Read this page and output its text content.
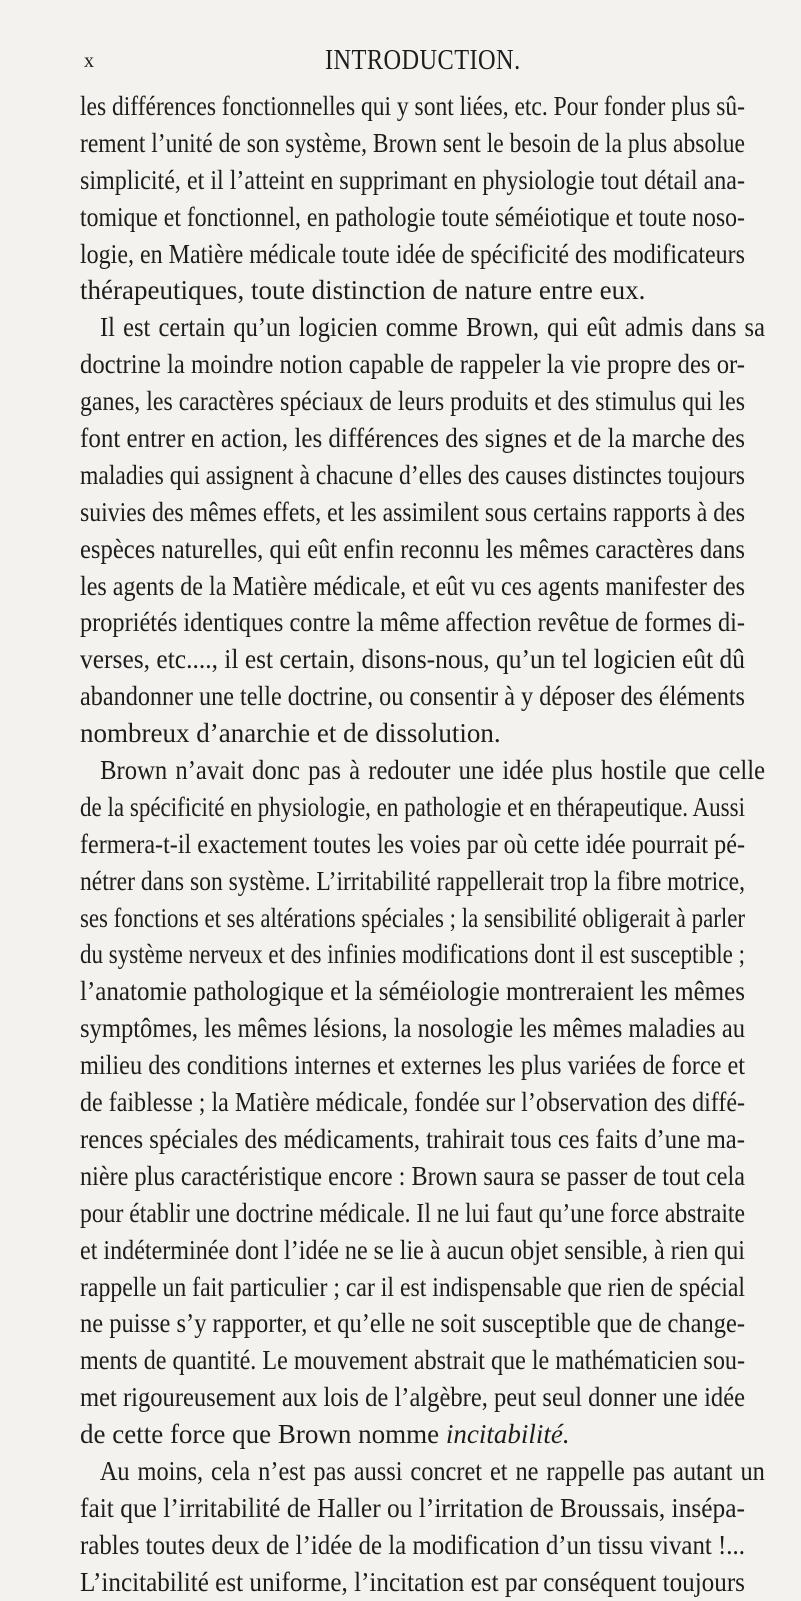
x	INTRODUCTION.
les différences fonctionnelles qui y sont liées, etc. Pour fonder plus sû-
rement l’unité de son système, Brown sent le besoin de la plus absolue
simplicité, et il l’atteint en supprimant en physiologie tout détail ana-
tomique et fonctionnel, en pathologie toute séméiotique et toute noso-
logie, en Matière médicale toute idée de spécificité des modificateurs
thérapeutiques, toute distinction de nature entre eux.
Il est certain qu’un logicien comme Brown, qui eût admis dans sa
doctrine la moindre notion capable de rappeler la vie propre des or-
ganes, les caractères spéciaux de leurs produits et des stimulus qui les
font entrer en action, les différences des signes et de la marche des
maladies qui assignent à chacune d’elles des causes distinctes toujours
suivies des mêmes effets, et les assimilent sous certains rapports à des
espèces naturelles, qui eût enfin reconnu les mêmes caractères dans
les agents de la Matière médicale, et eût vu ces agents manifester des
propriétés identiques contre la même affection revêtue de formes di-
verses, etc...., il est certain, disons-nous, qu’un tel logicien eût dû
abandonner une telle doctrine, ou consentir à y déposer des éléments
nombreux d’anarchie et de dissolution.
Brown n’avait donc pas à redouter une idée plus hostile que celle
de la spécificité en physiologie, en pathologie et en thérapeutique. Aussi
fermera-t-il exactement toutes les voies par où cette idée pourrait pé-
nétrer dans son système. L’irritabilité rappellerait trop la fibre motrice,
ses fonctions et ses altérations spéciales ; la sensibilité obligerait à parler
du système nerveux et des infinies modifications dont il est susceptible ;
l’anatomie pathologique et la séméiologie montreraient les mêmes
symptômes, les mêmes lésions, la nosologie les mêmes maladies au
milieu des conditions internes et externes les plus variées de force et
de faiblesse ; la Matière médicale, fondée sur l’observation des diffé-
rences spéciales des médicaments, trahirait tous ces faits d’une ma-
nière plus caractéristique encore : Brown saura se passer de tout cela
pour établir une doctrine médicale. Il ne lui faut qu’une force abstraite
et indéterminée dont l’idée ne se lie à aucun objet sensible, à rien qui
rappelle un fait particulier ; car il est indispensable que rien de spécial
ne puisse s’y rapporter, et qu’elle ne soit susceptible que de change-
ments de quantité. Le mouvement abstrait que le mathématicien sou-
met rigoureusement aux lois de l’algèbre, peut seul donner une idée
de cette force que Brown nomme incitabilité.
Au moins, cela n’est pas aussi concret et ne rappelle pas autant un
fait que l’irritabilité de Haller ou l’irritation de Broussais, insépa-
rables toutes deux de l’idée de la modification d’un tissu vivant !...
L’incitabilité est uniforme, l’incitation est par conséquent toujours
